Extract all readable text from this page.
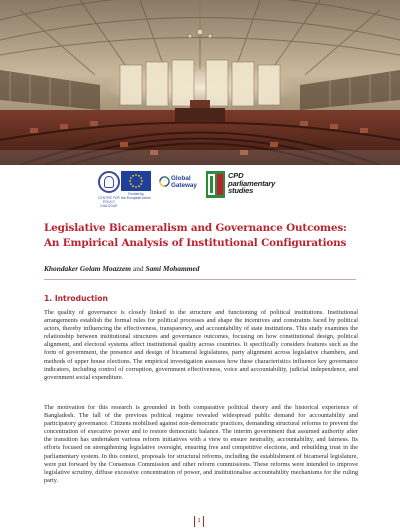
CENTRE FOR POLICY DIALOGUE
Funded by
the European Union
Global
Gateway
CPD
parliamentary
studies
Legislative Bicameralism and Governance Outcomes: An Empirical Analysis of Institutional Configurations
Khondaker Golam Moazzem and Sami Mohammed
1. Introduction

The quality of governance is closely linked to the structure and functioning of political institutions. Institutional arrangements establish the formal rules for political processes and shape the incentives and constraints faced by political actors, thereby influencing the effectiveness, transparency, and accountability of state institutions. This study examines the relationship between institutional structures and governance outcomes, focusing on how constitutional design, political alignment, and electoral systems affect institutional quality across countries. It specifically considers features such as the form of government, the presence and design of bicameral legislatures, party alignment across legislative chambers, and methods of upper house elections. The empirical investigation assesses how these characteristics influence key governance indicators, including control of corruption, government effectiveness, voice and accountability, judicial independence, and government social expenditure.

The motivation for this research is grounded in both comparative political theory and the historical experience of Bangladesh. The fall of the previous political regime revealed widespread public demand for accountability and participatory governance. Citizens mobilised against non-democratic practices, demanding structural reforms to prevent the concentration of executive power and to restore democratic balance. The interim government that assumed authority after the transition has undertaken various reform initiatives with a view to ensure neutrality, accountability, and fairness. Its efforts focused on strengthening legislative oversight, ensuring free and competitive elections, and rebuilding trust in the parliamentary system. In this context, proposals for structural reforms, including the establishment of bicameral legislature, were put forward by the Consensus Commission and other reform commissions. These reforms were intended to improve legislative scrutiny, diffuse excessive concentration of power, and institutionalise accountability mechanisms for the ruling party.

1
